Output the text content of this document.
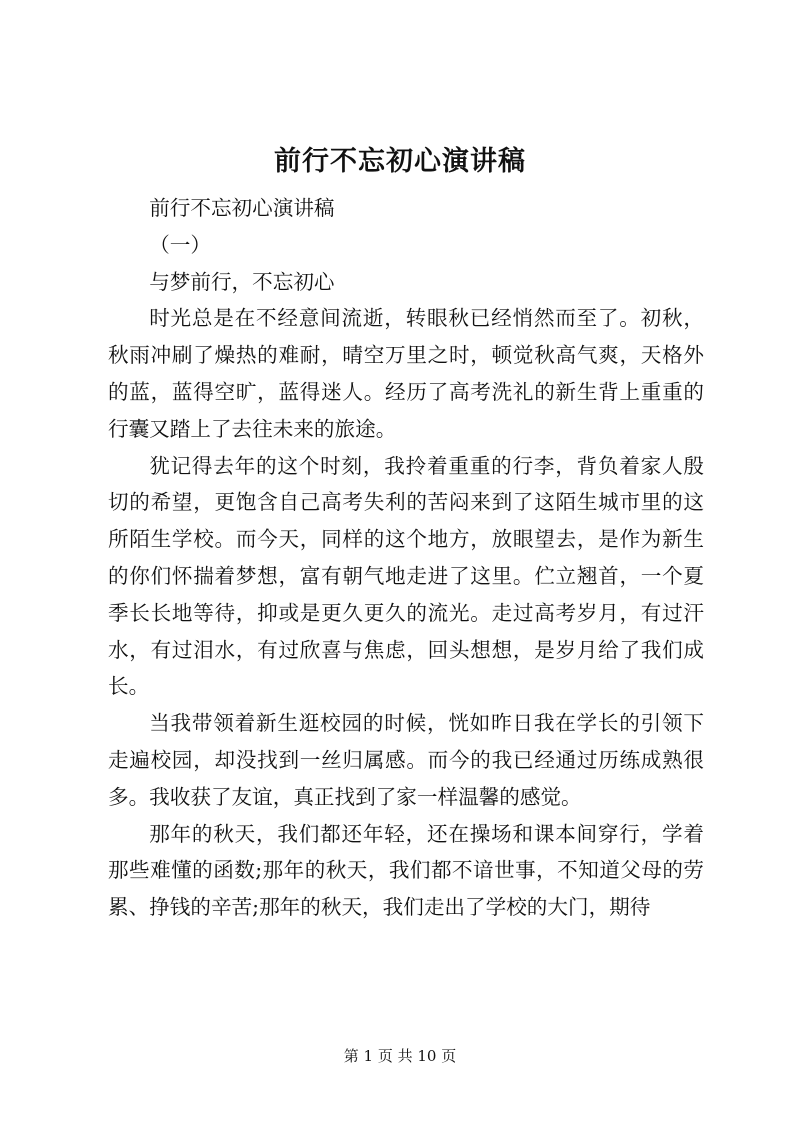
前行不忘初心演讲稿

前行不忘初心演讲稿

（一）

与梦前行，不忘初心

时光总是在不经意间流逝，转眼秋已经悄然而至了。初秋，秋雨冲刷了燥热的难耐，晴空万里之时，顿觉秋高气爽，天格外的蓝，蓝得空旷，蓝得迷人。经历了高考洗礼的新生背上重重的行囊又踏上了去往未来的旅途。

犹记得去年的这个时刻，我拎着重重的行李，背负着家人殷切的希望，更饱含自己高考失利的苦闷来到了这陌生城市里的这所陌生学校。而今天，同样的这个地方，放眼望去，是作为新生的你们怀揣着梦想，富有朝气地走进了这里。伫立翘首，一个夏季长长地等待，抑或是更久更久的流光。走过高考岁月，有过汗水，有过泪水，有过欣喜与焦虑，回头想想，是岁月给了我们成长。

当我带领着新生逛校园的时候，恍如昨日我在学长的引领下走遍校园，却没找到一丝归属感。而今的我已经通过历练成熟很多。我收获了友谊，真正找到了家一样温馨的感觉。

那年的秋天，我们都还年轻，还在操场和课本间穿行，学着那些难懂的函数;那年的秋天，我们都不谙世事，不知道父母的劳累、挣钱的辛苦;那年的秋天，我们走出了学校的大门，期待

第 1 页 共 10 页
